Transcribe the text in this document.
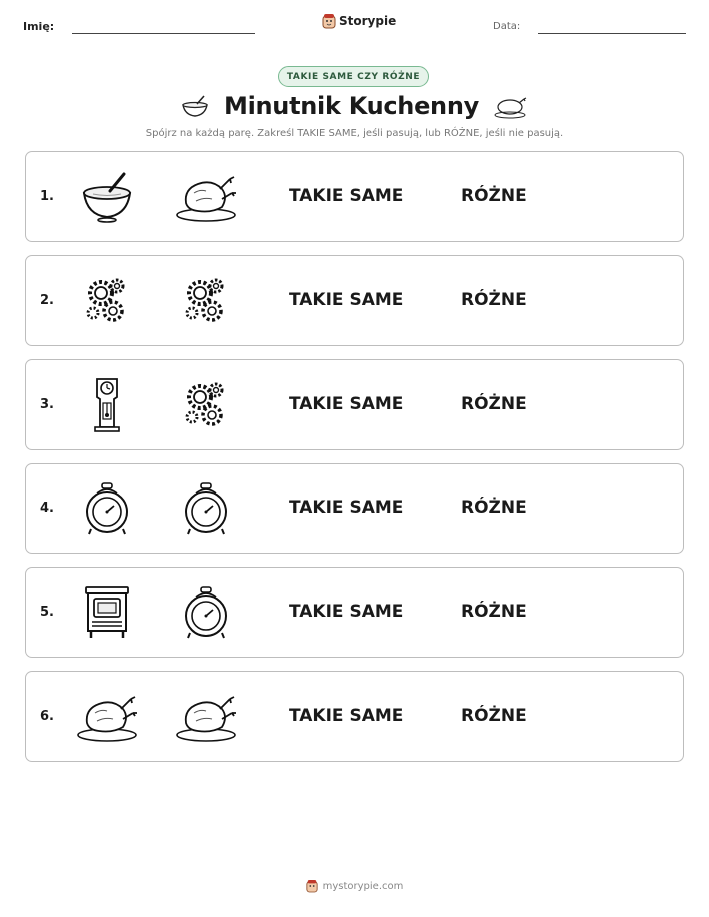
Imię:	Storypie	Data:
TAKIE SAME CZY RÓŻNE
Minutnik Kuchenny
Spójrz na każdą parę. Zakreśl TAKIE SAME, jeśli pasują, lub RÓŻNE, jeśli nie pasują.
1.	TAKIE SAME	RÓŻNE
2.	TAKIE SAME	RÓŻNE
3.	TAKIE SAME	RÓŻNE
4.	TAKIE SAME	RÓŻNE
5.	TAKIE SAME	RÓŻNE
6.	TAKIE SAME	RÓŻNE
mystorypie.com
